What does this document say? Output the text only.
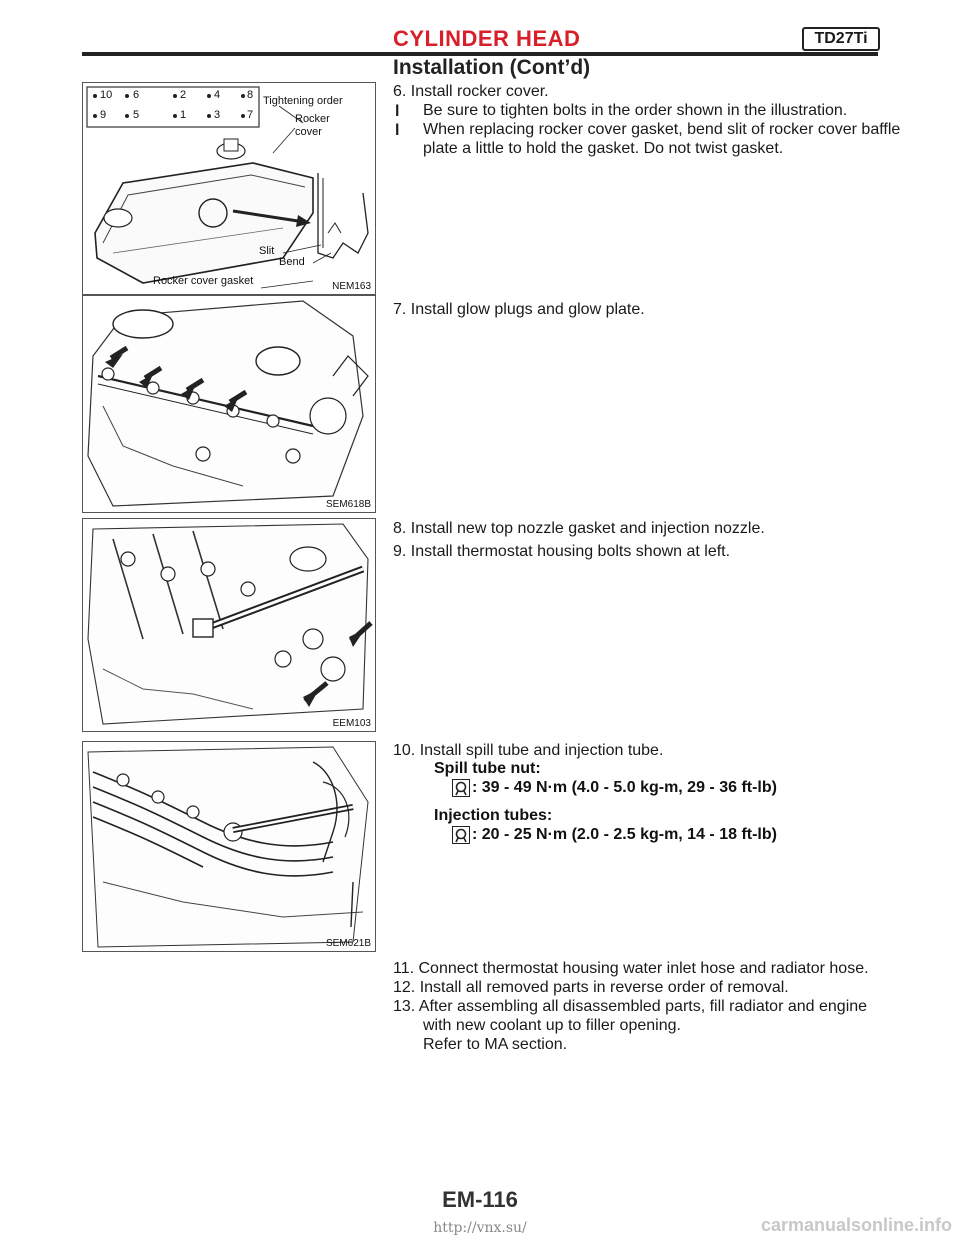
CYLINDER HEAD	TD27Ti
Installation (Cont’d)
10 6	2	4 8
9 5	1	3 7
Tightening order
Rocker
cover
Slit
Bend
Rocker cover gasket	NEM163
SEM618B
EEM103
SEM621B
6. Install rocker cover.
l Be sure to tighten bolts in the order shown in the illustration.
l When replacing rocker cover gasket, bend slit of rocker cover baffle plate a little to hold the gasket. Do not twist gasket.
7. Install glow plugs and glow plate.
8. Install new top nozzle gasket and injection nozzle.
9. Install thermostat housing bolts shown at left.
10. Install spill tube and injection tube.
Spill tube nut:
: 39 - 49 N·m (4.0 - 5.0 kg-m, 29 - 36 ft-lb)
Injection tubes:
: 20 - 25 N·m (2.0 - 2.5 kg-m, 14 - 18 ft-lb)
11. Connect thermostat housing water inlet hose and radiator hose.
12. Install all removed parts in reverse order of removal.
13. After assembling all disassembled parts, fill radiator and engine
with new coolant up to filler opening.
Refer to MA section.
EM-116
http://vnx.su/	carmanualsonline.info
